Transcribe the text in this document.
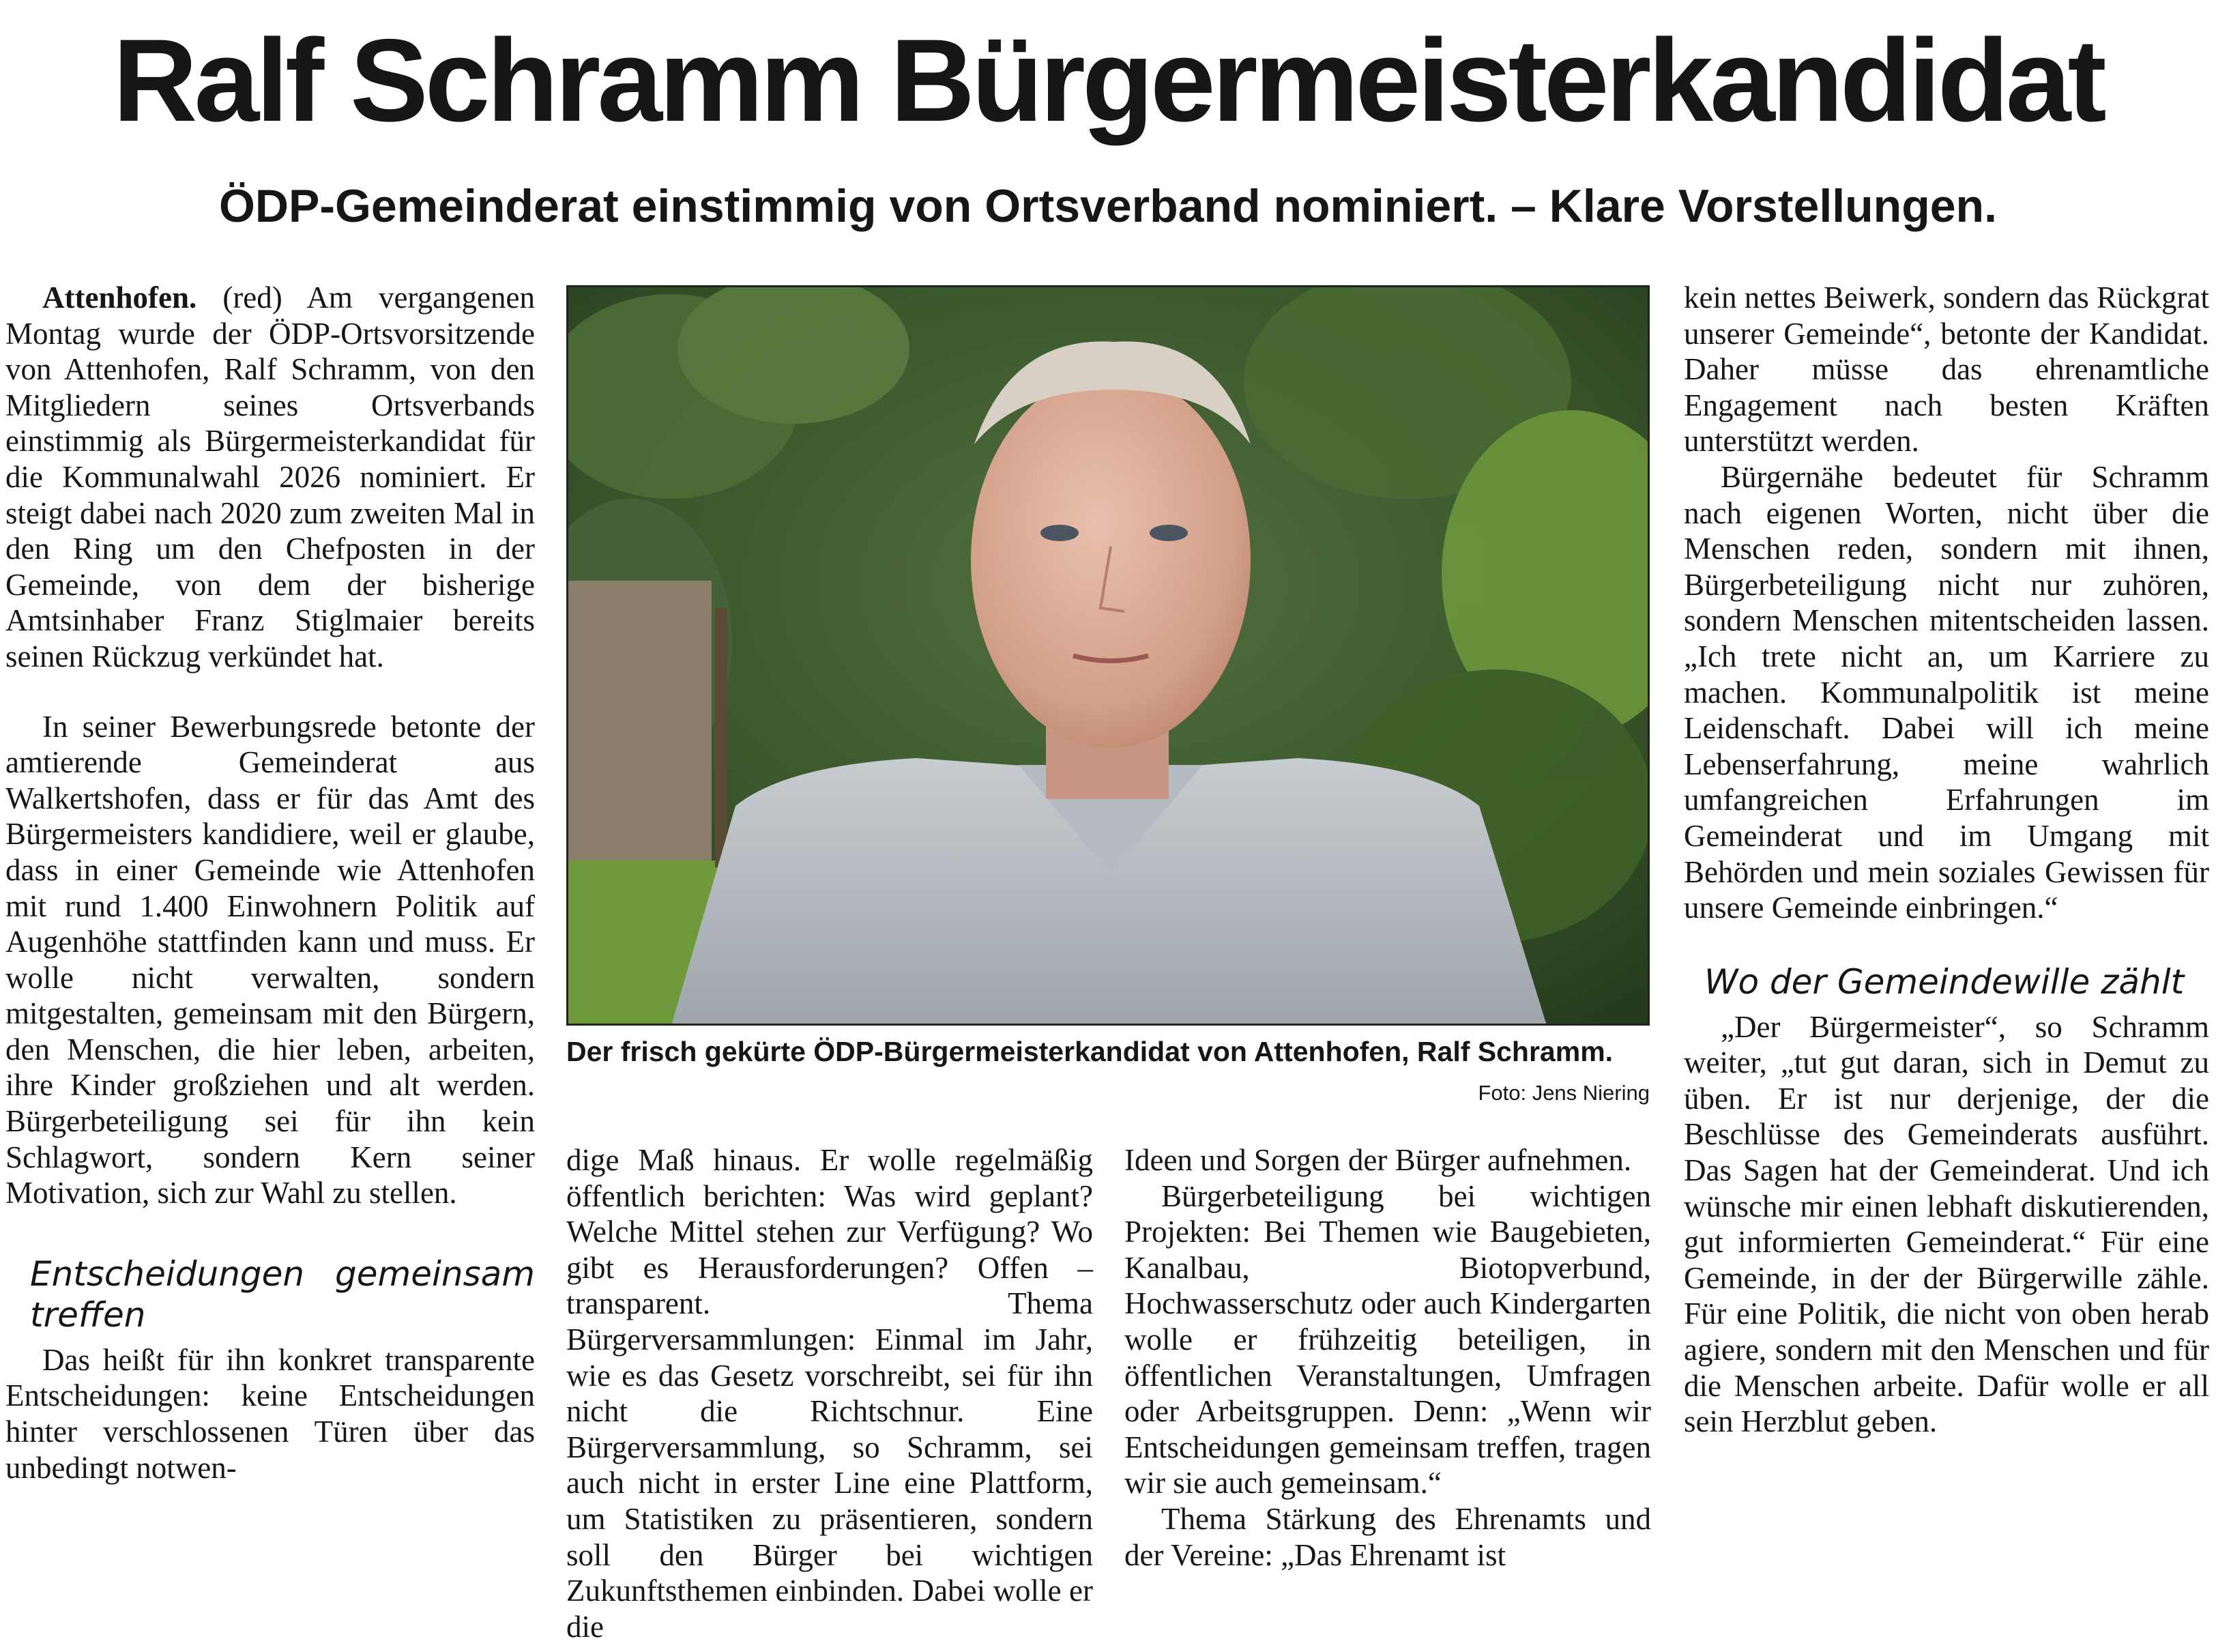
Ralf Schramm Bürgermeisterkandidat
ÖDP-Gemeinderat einstimmig von Ortsverband nominiert. – Klare Vorstellungen.

Attenhofen. (red) Am vergangenen Montag wurde der ÖDP-Ortsvorsitzende von Attenhofen, Ralf Schramm, von den Mitgliedern seines Ortsverbands einstimmig als Bürgermeisterkandidat für die Kommunalwahl 2026 nominiert. Er steigt dabei nach 2020 zum zweiten Mal in den Ring um den Chefposten in der Gemeinde, von dem der bisherige Amtsinhaber Franz Stiglmaier bereits seinen Rückzug verkündet hat.

In seiner Bewerbungsrede betonte der amtierende Gemeinderat aus Walkertshofen, dass er für das Amt des Bürgermeisters kandidiere, weil er glaube, dass in einer Gemeinde wie Attenhofen mit rund 1.400 Einwohnern Politik auf Augenhöhe stattfinden kann und muss. Er wolle nicht verwalten, sondern mitgestalten, gemeinsam mit den Bürgern, den Menschen, die hier leben, arbeiten, ihre Kinder großziehen und alt werden. Bürgerbeteiligung sei für ihn kein Schlagwort, sondern Kern seiner Motivation, sich zur Wahl zu stellen.

Entscheidungen gemeinsam treffen

Das heißt für ihn konkret transparente Entscheidungen: keine Entscheidungen hinter verschlossenen Türen über das unbedingt notwen-

Der frisch gekürte ÖDP-Bürgermeisterkandidat von Attenhofen, Ralf Schramm.
Foto: Jens Niering

dige Maß hinaus. Er wolle regelmäßig öffentlich berichten: Was wird geplant? Welche Mittel stehen zur Verfügung? Wo gibt es Herausforderungen? Offen – transparent. Thema Bürgerversammlungen: Einmal im Jahr, wie es das Gesetz vorschreibt, sei für ihn nicht die Richtschnur. Eine Bürgerversammlung, so Schramm, sei auch nicht in erster Line eine Plattform, um Statistiken zu präsentieren, sondern soll den Bürger bei wichtigen Zukunftsthemen einbinden. Dabei wolle er die

Ideen und Sorgen der Bürger aufnehmen.

Bürgerbeteiligung bei wichtigen Projekten: Bei Themen wie Baugebieten, Kanalbau, Biotopverbund, Hochwasserschutz oder auch Kindergarten wolle er frühzeitig beteiligen, in öffentlichen Veranstaltungen, Umfragen oder Arbeitsgruppen. Denn: „Wenn wir Entscheidungen gemeinsam treffen, tragen wir sie auch gemeinsam.“

Thema Stärkung des Ehrenamts und der Vereine: „Das Ehrenamt ist

kein nettes Beiwerk, sondern das Rückgrat unserer Gemeinde“, betonte der Kandidat. Daher müsse das ehrenamtliche Engagement nach besten Kräften unterstützt werden.

Bürgernähe bedeutet für Schramm nach eigenen Worten, nicht über die Menschen reden, sondern mit ihnen, Bürgerbeteiligung nicht nur zuhören, sondern Menschen mitentscheiden lassen. „Ich trete nicht an, um Karriere zu machen. Kommunalpolitik ist meine Leidenschaft. Dabei will ich meine Lebenserfahrung, meine wahrlich umfangreichen Erfahrungen im Gemeinderat und im Umgang mit Behörden und mein soziales Gewissen für unsere Gemeinde einbringen.“

Wo der Gemeindewille zählt

„Der Bürgermeister“, so Schramm weiter, „tut gut daran, sich in Demut zu üben. Er ist nur derjenige, der die Beschlüsse des Gemeinderats ausführt. Das Sagen hat der Gemeinderat. Und ich wünsche mir einen lebhaft diskutierenden, gut informierten Gemeinderat.“ Für eine Gemeinde, in der der Bürgerwille zähle. Für eine Politik, die nicht von oben herab agiere, sondern mit den Menschen und für die Menschen arbeite. Dafür wolle er all sein Herzblut geben.
